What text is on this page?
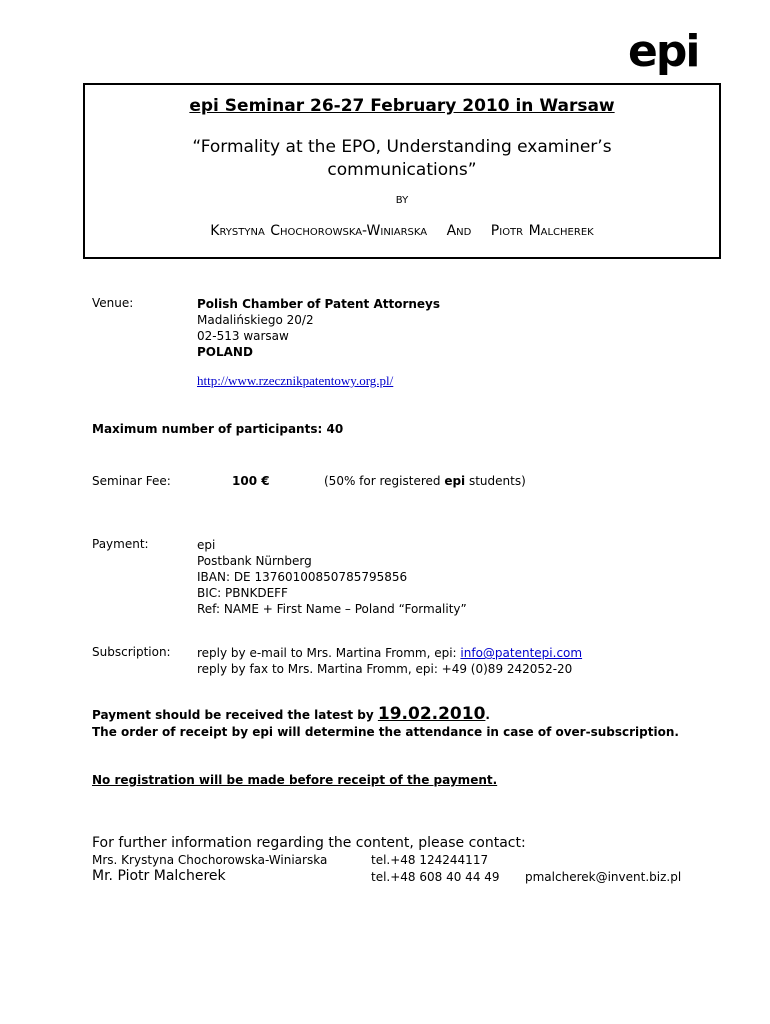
epi
epi Seminar 26-27 February 2010 in Warsaw
“Formality at the EPO, Understanding examiner’s
communications”
BY
Krystyna Chochorowska-Winiarska And Piotr Malcherek
Venue:	Polish Chamber of Patent Attorneys
Madalińskiego 20/2
02-513 warsaw
POLAND
http://www.rzecznikpatentowy.org.pl/
Maximum number of participants: 40
Seminar Fee:	100 €	(50% for registered epi students)
Payment:	epi
Postbank Nürnberg
IBAN: DE 13760100850785795856
BIC: PBNKDEFF
Ref: NAME + First Name – Poland “Formality”
Subscription: reply by e-mail to Mrs. Martina Fromm, epi: info@patentepi.com
reply by fax to Mrs. Martina Fromm, epi: +49 (0)89 242052-20
Payment should be received the latest by 19.02.2010.
The order of receipt by epi will determine the attendance in case of over-subscription.
No registration will be made before receipt of the payment.
For further information regarding the content, please contact:
Mrs. Krystyna Chochorowska-Winiarska	tel.+48 124244117
Mr. Piotr Malcherek	tel.+48 608 40 44 49 pmalcherek@invent.biz.pl
